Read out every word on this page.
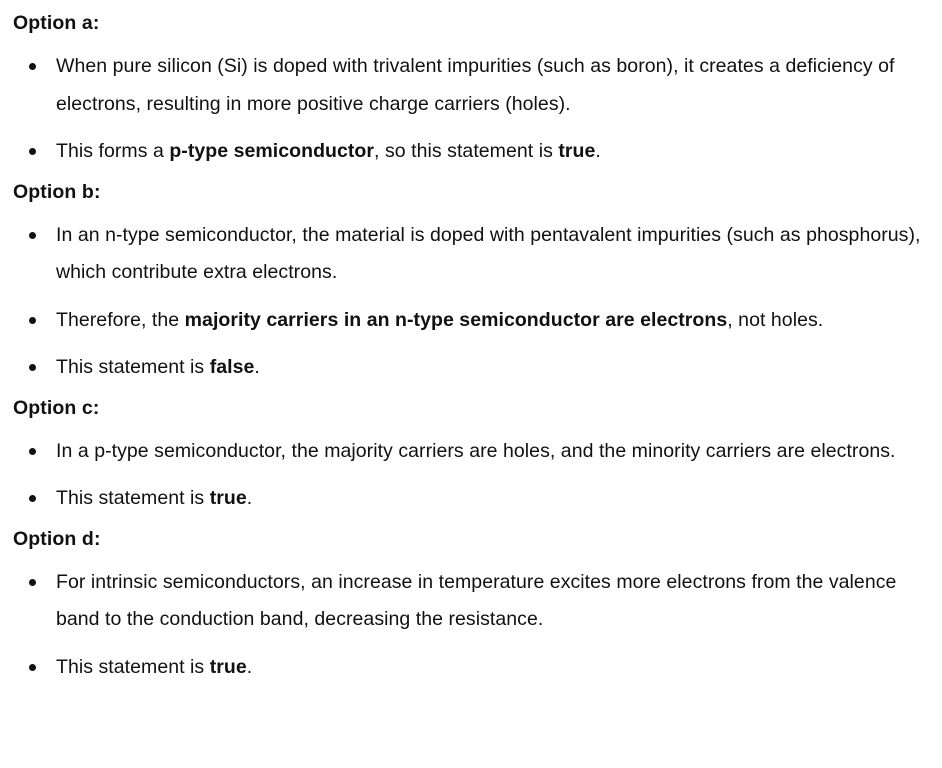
Option a:
When pure silicon (Si) is doped with trivalent impurities (such as boron), it creates a deficiency of electrons, resulting in more positive charge carriers (holes).
This forms a p-type semiconductor, so this statement is true.
Option b:
In an n-type semiconductor, the material is doped with pentavalent impurities (such as phosphorus), which contribute extra electrons.
Therefore, the majority carriers in an n-type semiconductor are electrons, not holes.
This statement is false.
Option c:
In a p-type semiconductor, the majority carriers are holes, and the minority carriers are electrons.
This statement is true.
Option d:
For intrinsic semiconductors, an increase in temperature excites more electrons from the valence band to the conduction band, decreasing the resistance.
This statement is true.
